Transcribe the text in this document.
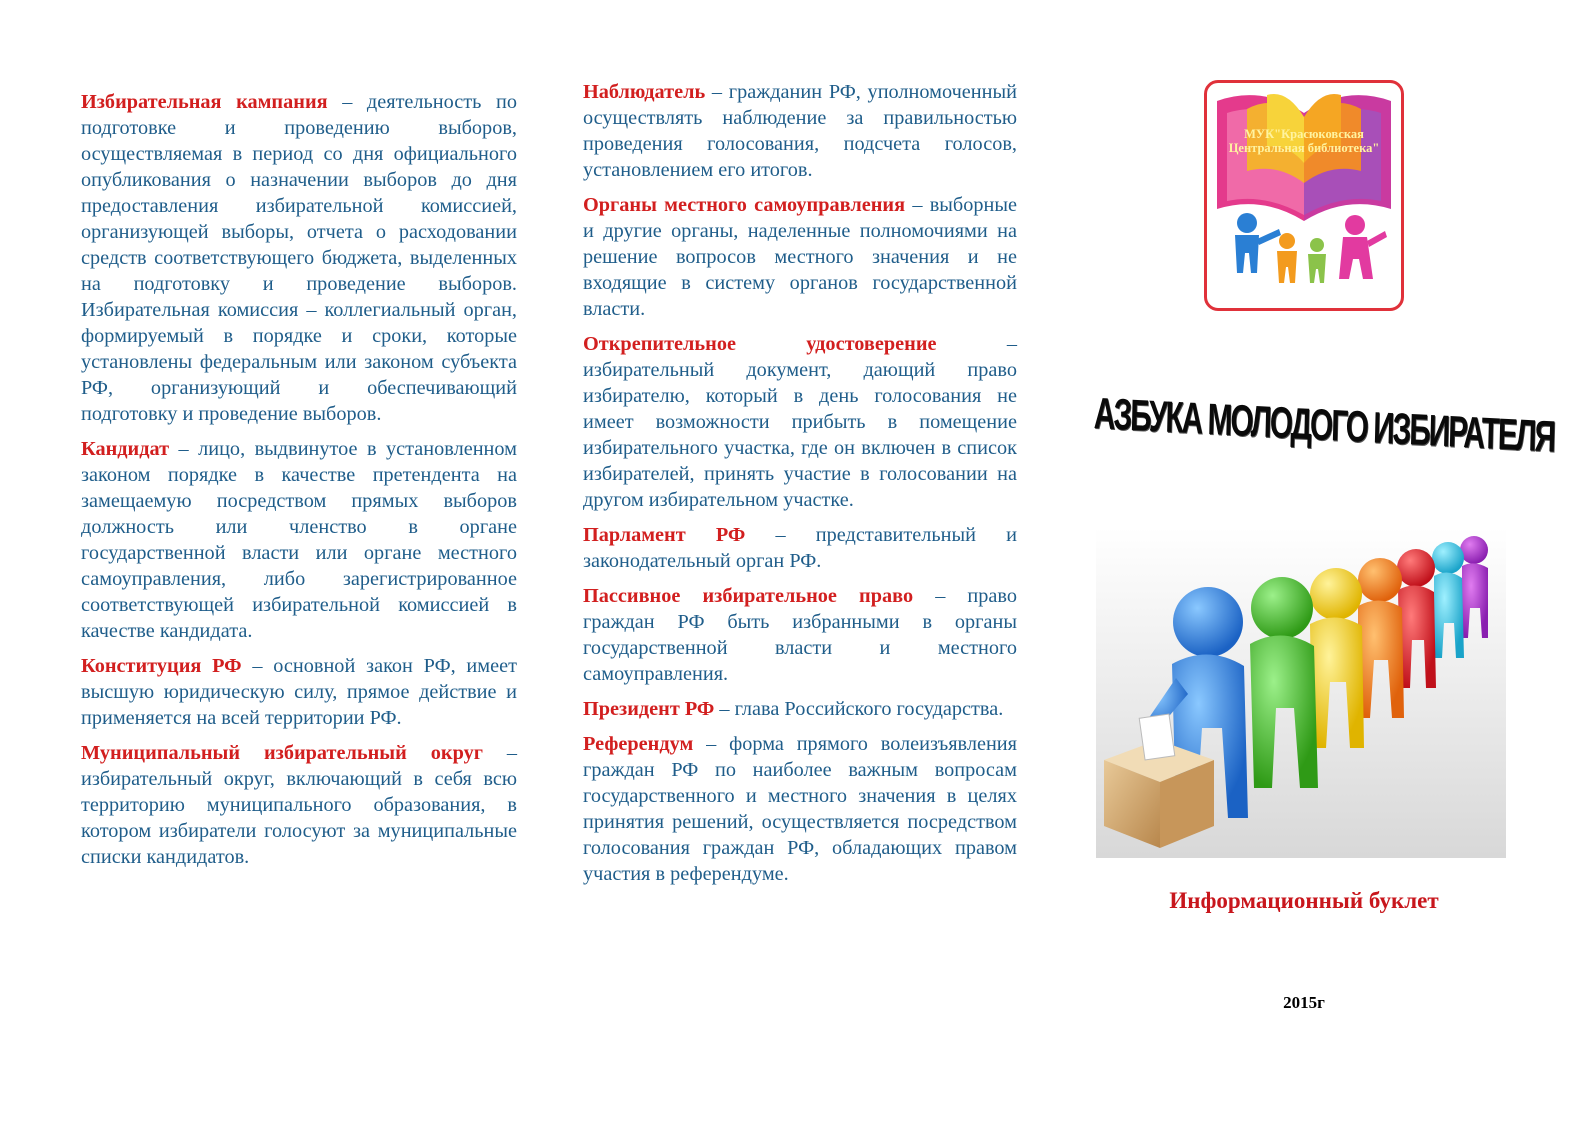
Избирательная кампания – деятельность по подготовке и проведению выборов, осуществляемая в период со дня официального опубликования о назначении выборов до дня предоставления избирательной комиссией, организующей выборы, отчета о расходовании средств соответствующего бюджета, выделенных на подготовку и проведение выборов. Избирательная комиссия – коллегиальный орган, формируемый в порядке и сроки, которые установлены федеральным или законом субъекта РФ, организующий и обеспечивающий подготовку и проведение выборов.

Кандидат – лицо, выдвинутое в установленном законом порядке в качестве претендента на замещаемую посредством прямых выборов должность или членство в органе государственной власти или органе местного самоуправления, либо зарегистрированное соответствующей избирательной комиссией в качестве кандидата.

Конституция РФ – основной закон РФ, имеет высшую юридическую силу, прямое действие и применяется на всей территории РФ.

Муниципальный избирательный округ – избирательный округ, включающий в себя всю территорию муниципального образования, в котором избиратели голосуют за муниципальные списки кандидатов.

Наблюдатель – гражданин РФ, уполномоченный осуществлять наблюдение за правильностью проведения голосования, подсчета голосов, установлением его итогов.

Органы местного самоуправления – выборные и другие органы, наделенные полномочиями на решение вопросов местного значения и не входящие в систему органов государственной власти.

Открепительное удостоверение – избирательный документ, дающий право избирателю, который в день голосования не имеет возможности прибыть в помещение избирательного участка, где он включен в список избирателей, принять участие в голосовании на другом избирательном участке.

Парламент РФ – представительный и законодательный орган РФ.

Пассивное избирательное право – право граждан РФ быть избранными в органы государственной власти и местного самоуправления.

Президент РФ – глава Российского государства.

Референдум – форма прямого волеизъявления граждан РФ по наиболее важным вопросам государственного и местного значения в целях принятия решений, осуществляется посредством голосования граждан РФ, обладающих правом участия в референдуме.

МУК"Красюковская Центральная библиотека"
АЗБУКА МОЛОДОГО ИЗБИРАТЕЛЯ
Информационный буклет
2015г
